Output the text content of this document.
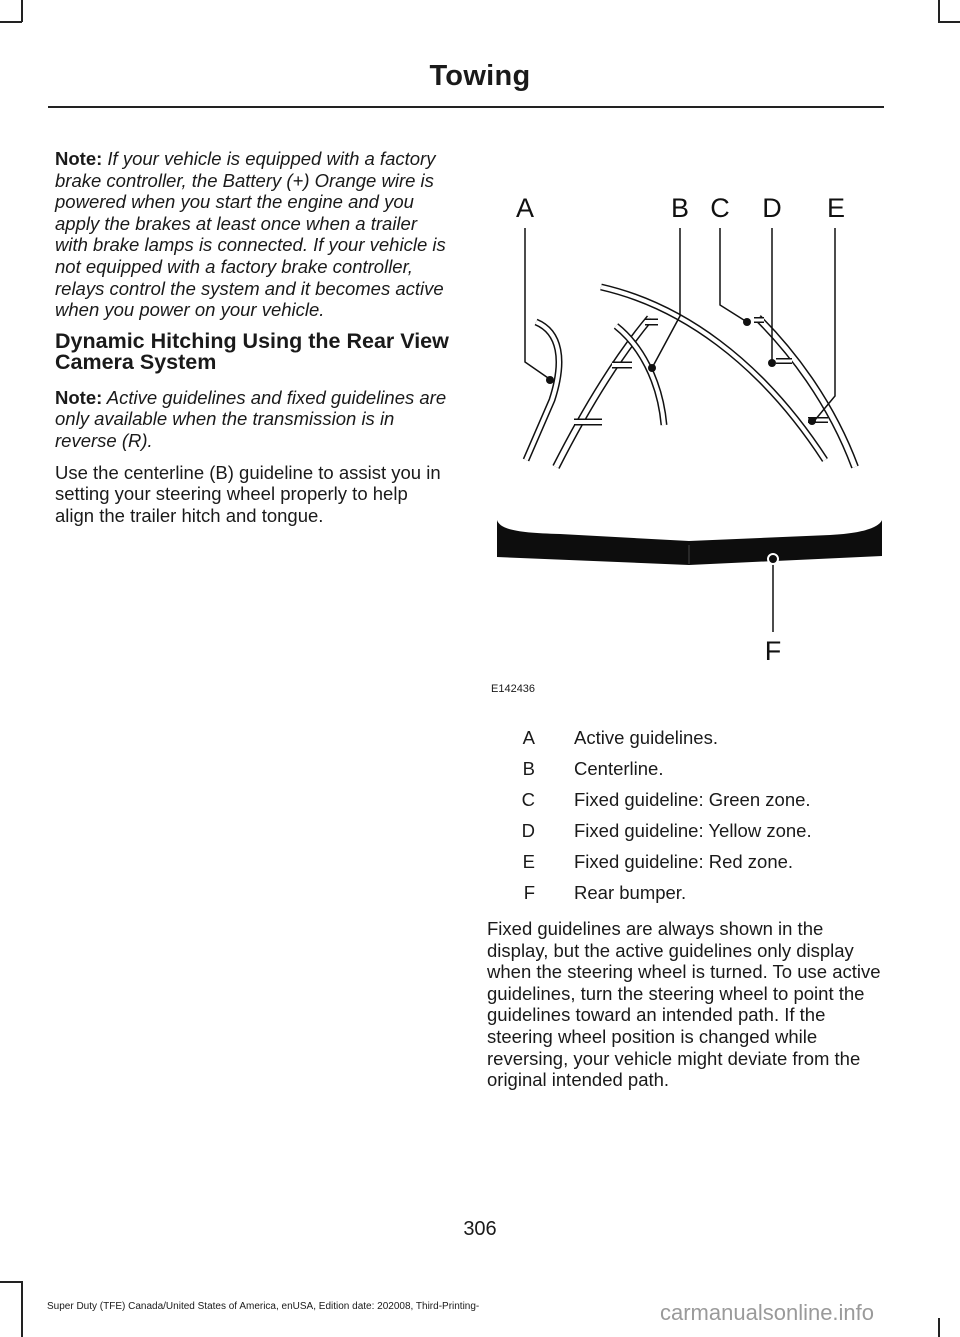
Towing

Note: If your vehicle is equipped with a factory brake controller, the Battery (+) Orange wire is powered when you start the engine and you apply the brakes at least once when a trailer with brake lamps is connected. If your vehicle is not equipped with a factory brake controller, relays control the system and it becomes active when you power on your vehicle.

Dynamic Hitching Using the Rear View Camera System

Note: Active guidelines and fixed guidelines are only available when the transmission is in reverse (R).

Use the centerline (B) guideline to assist you in setting your steering wheel properly to help align the trailer hitch and tongue.

A	B C D E
F
E142436
A Active guidelines.
B Centerline.
C Fixed guideline: Green zone.
D Fixed guideline: Yellow zone.
E Fixed guideline: Red zone.
F Rear bumper.

Fixed guidelines are always shown in the display, but the active guidelines only display when the steering wheel is turned. To use active guidelines, turn the steering wheel to point the guidelines toward an intended path. If the steering wheel position is changed while reversing, your vehicle might deviate from the original intended path.

306
Super Duty (TFE) Canada/United States of America, enUSA, Edition date: 202008, Third-Printing-	carmanualsonline.info
